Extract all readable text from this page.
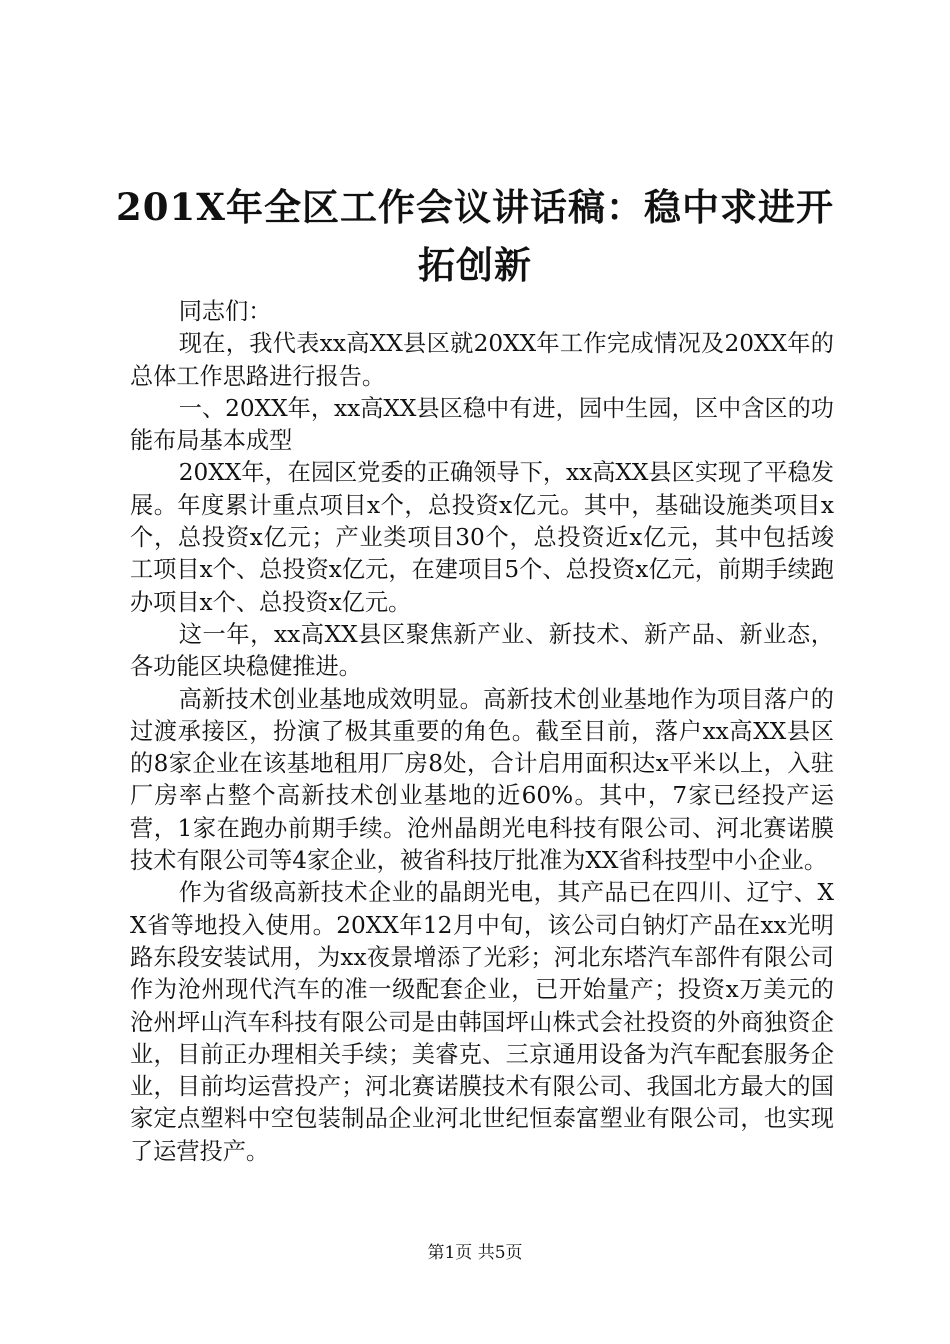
201X年全区工作会议讲话稿：稳中求进开拓创新

同志们：

现在，我代表xx高XX县区就20XX年工作完成情况及20XX年的总体工作思路进行报告。

一、20XX年，xx高XX县区稳中有进，园中生园，区中含区的功能布局基本成型

20XX年，在园区党委的正确领导下，xx高XX县区实现了平稳发展。年度累计重点项目x个，总投资x亿元。其中，基础设施类项目x个，总投资x亿元；产业类项目30个，总投资近x亿元，其中包括竣工项目x个、总投资x亿元，在建项目5个、总投资x亿元，前期手续跑办项目x个、总投资x亿元。

这一年，xx高XX县区聚焦新产业、新技术、新产品、新业态，各功能区块稳健推进。

高新技术创业基地成效明显。高新技术创业基地作为项目落户的过渡承接区，扮演了极其重要的角色。截至目前，落户xx高XX县区的8家企业在该基地租用厂房8处，合计启用面积达x平米以上，入驻厂房率占整个高新技术创业基地的近60%。其中，7家已经投产运营，1家在跑办前期手续。沧州晶朗光电科技有限公司、河北赛诺膜技术有限公司等4家企业，被省科技厅批准为XX省科技型中小企业。

作为省级高新技术企业的晶朗光电，其产品已在四川、辽宁、XX省等地投入使用。20XX年12月中旬，该公司白钠灯产品在xx光明路东段安装试用，为xx夜景增添了光彩；河北东塔汽车部件有限公司作为沧州现代汽车的准一级配套企业，已开始量产；投资x万美元的沧州坪山汽车科技有限公司是由韩国坪山株式会社投资的外商独资企业，目前正办理相关手续；美睿克、三京通用设备为汽车配套服务企业，目前均运营投产；河北赛诺膜技术有限公司、我国北方最大的国家定点塑料中空包装制品企业河北世纪恒泰富塑业有限公司，也实现了运营投产。

第1页 共5页
